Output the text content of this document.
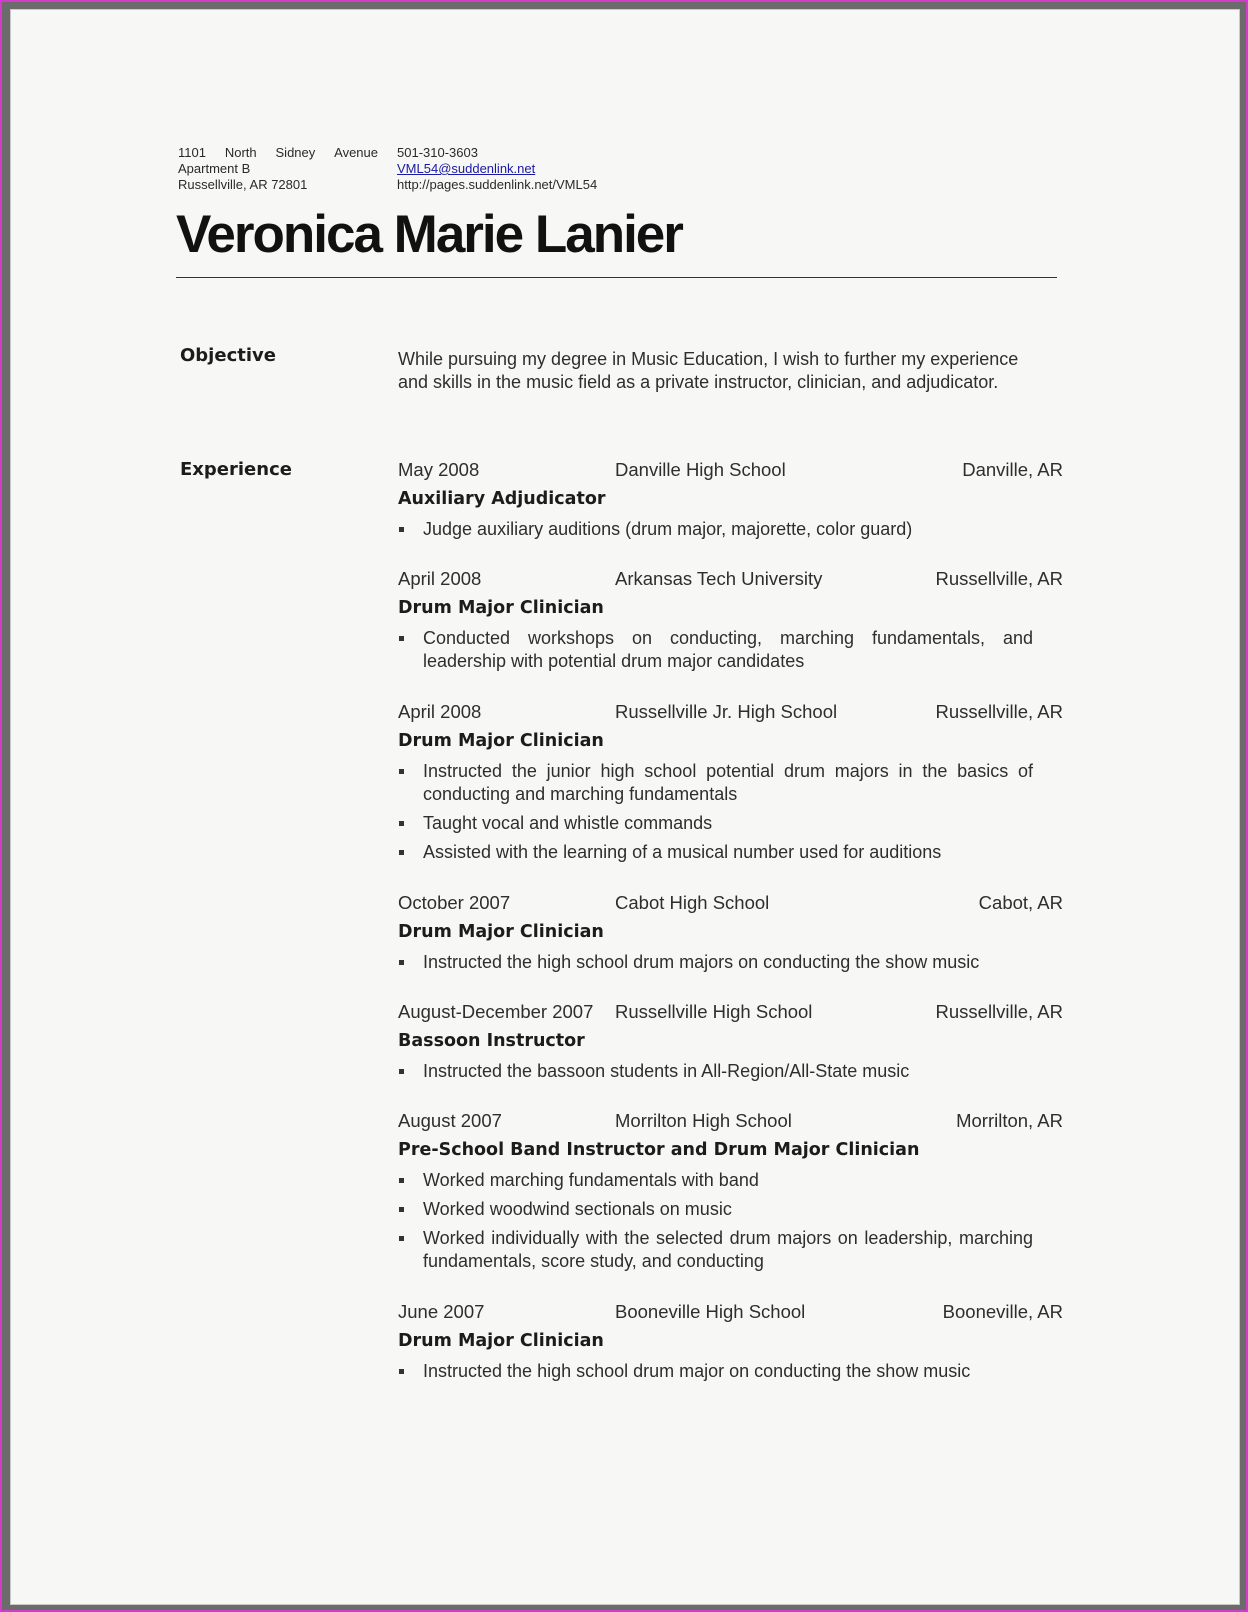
1101 North Sidney Avenue
Apartment B
Russellville, AR 72801
501-310-3603
VML54@suddenlink.net
http://pages.suddenlink.net/VML54
Veronica Marie Lanier
Objective	While pursuing my degree in Music Education, I wish to further my experience and skills in the music field as a private instructor, clinician, and adjudicator.
Experience	May 2008	Danville High School	Danville, AR
Auxiliary Adjudicator
Judge auxiliary auditions (drum major, majorette, color guard)
April 2008	Arkansas Tech University	Russellville, AR
Drum Major Clinician
Conducted workshops on conducting, marching fundamentals, and leadership with potential drum major candidates
April 2008	Russellville Jr. High School	Russellville, AR
Drum Major Clinician
Instructed the junior high school potential drum majors in the basics of conducting and marching fundamentals
Taught vocal and whistle commands
Assisted with the learning of a musical number used for auditions
October 2007	Cabot High School	Cabot, AR
Drum Major Clinician
Instructed the high school drum majors on conducting the show music
August-December 2007 Russellville High School	Russellville, AR
Bassoon Instructor
Instructed the bassoon students in All-Region/All-State music
August 2007	Morrilton High School	Morrilton, AR
Pre-School Band Instructor and Drum Major Clinician
Worked marching fundamentals with band
Worked woodwind sectionals on music
Worked individually with the selected drum majors on leadership, marching fundamentals, score study, and conducting
June 2007	Booneville High School	Booneville, AR
Drum Major Clinician
Instructed the high school drum major on conducting the show music
